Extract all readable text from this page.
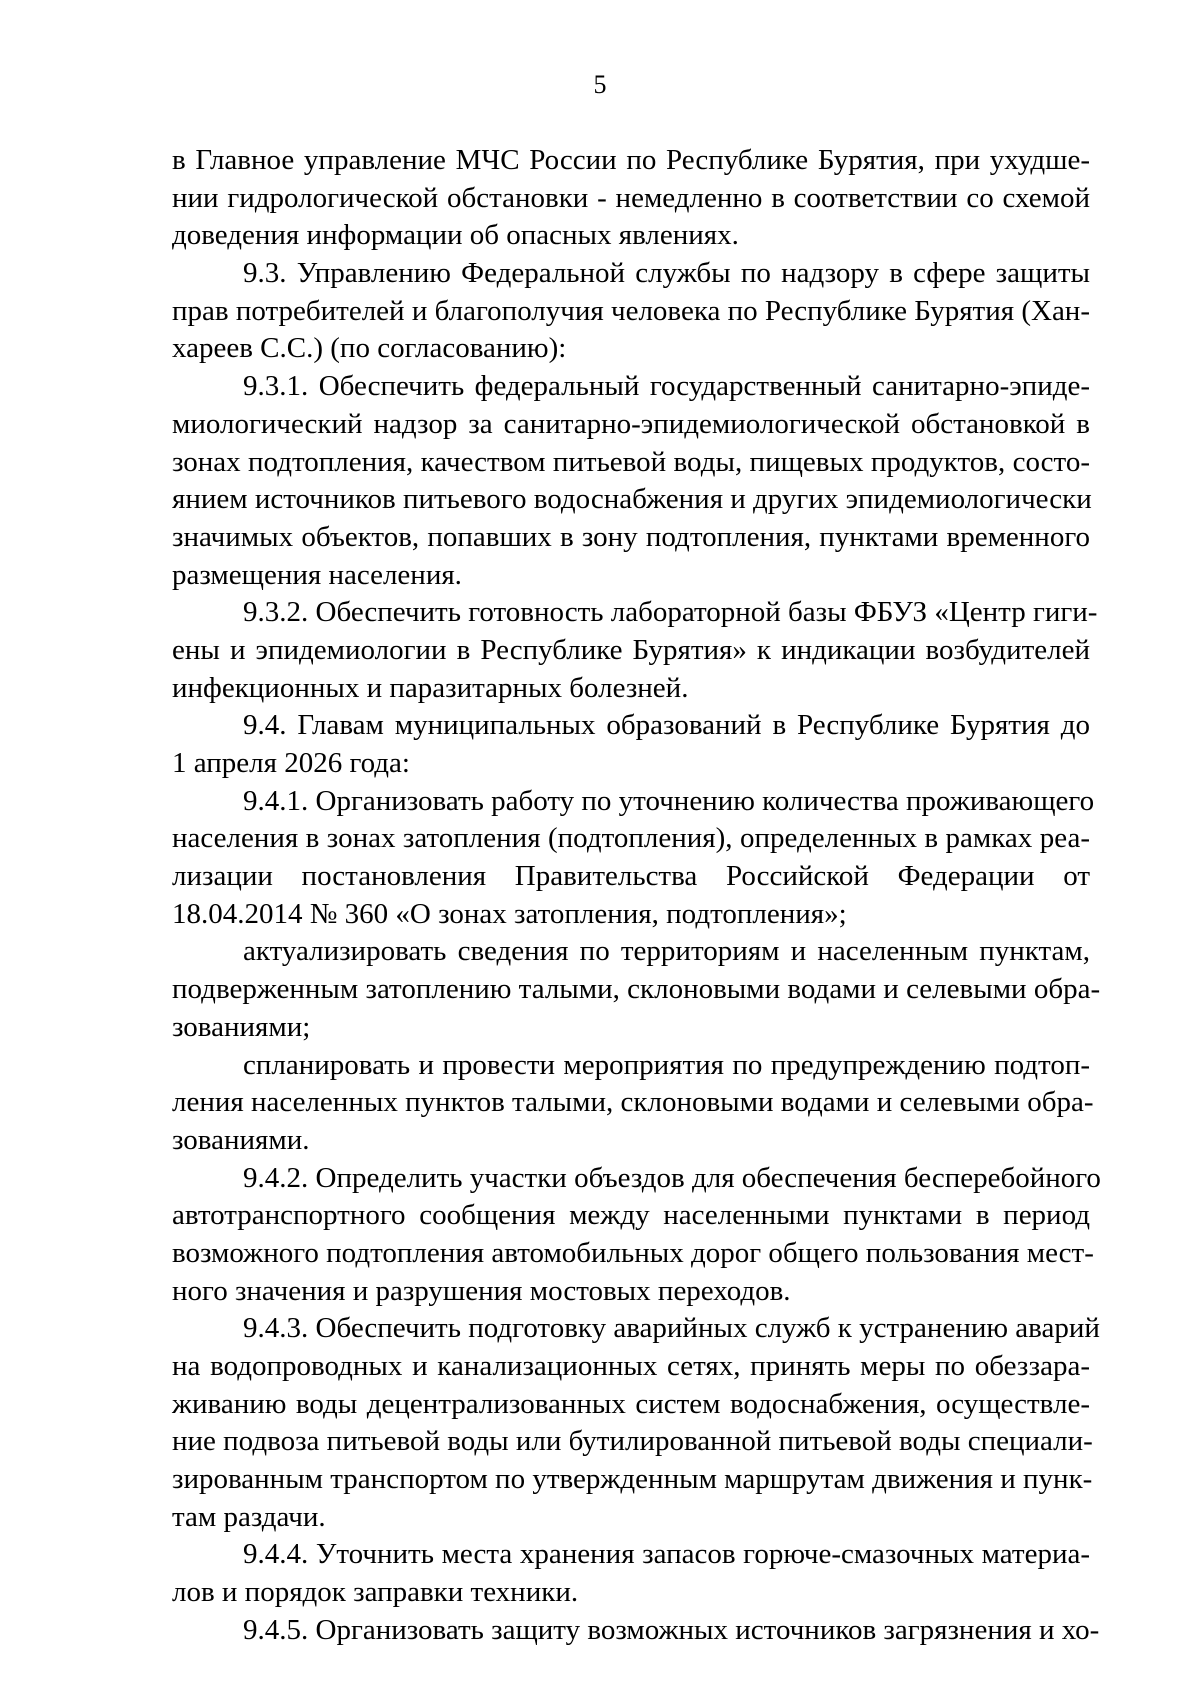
5
в Главное управление МЧС России по Республике Бурятия, при ухудше-
нии гидрологической обстановки - немедленно в соответствии со схемой
доведения информации об опасных явлениях.
9.3. Управлению Федеральной службы по надзору в сфере защиты
прав потребителей и благополучия человека по Республике Бурятия (Хан-
хареев С.С.) (по согласованию):
9.3.1. Обеспечить федеральный государственный санитарно-эпиде-
миологический надзор за санитарно-эпидемиологической обстановкой в
зонах подтопления, качеством питьевой воды, пищевых продуктов, состо-
янием источников питьевого водоснабжения и других эпидемиологически
значимых объектов, попавших в зону подтопления, пунктами временного
размещения населения.
9.3.2. Обеспечить готовность лабораторной базы ФБУЗ «Центр гиги-
ены и эпидемиологии в Республике Бурятия» к индикации возбудителей
инфекционных и паразитарных болезней.
9.4. Главам муниципальных образований в Республике Бурятия до
1 апреля 2026 года:
9.4.1. Организовать работу по уточнению количества проживающего
населения в зонах затопления (подтопления), определенных в рамках реа-
лизации постановления Правительства Российской Федерации от
18.04.2014 № 360 «О зонах затопления, подтопления»;
актуализировать сведения по территориям и населенным пунктам,
подверженным затоплению талыми, склоновыми водами и селевыми обра-
зованиями;
спланировать и провести мероприятия по предупреждению подтоп-
ления населенных пунктов талыми, склоновыми водами и селевыми обра-
зованиями.
9.4.2. Определить участки объездов для обеспечения бесперебойного
автотранспортного сообщения между населенными пунктами в период
возможного подтопления автомобильных дорог общего пользования мест-
ного значения и разрушения мостовых переходов.
9.4.3. Обеспечить подготовку аварийных служб к устранению аварий
на водопроводных и канализационных сетях, принять меры по обеззара-
живанию воды децентрализованных систем водоснабжения, осуществле-
ние подвоза питьевой воды или бутилированной питьевой воды специали-
зированным транспортом по утвержденным маршрутам движения и пунк-
там раздачи.
9.4.4. Уточнить места хранения запасов горюче-смазочных материа-
лов и порядок заправки техники.
9.4.5. Организовать защиту возможных источников загрязнения и хо-
